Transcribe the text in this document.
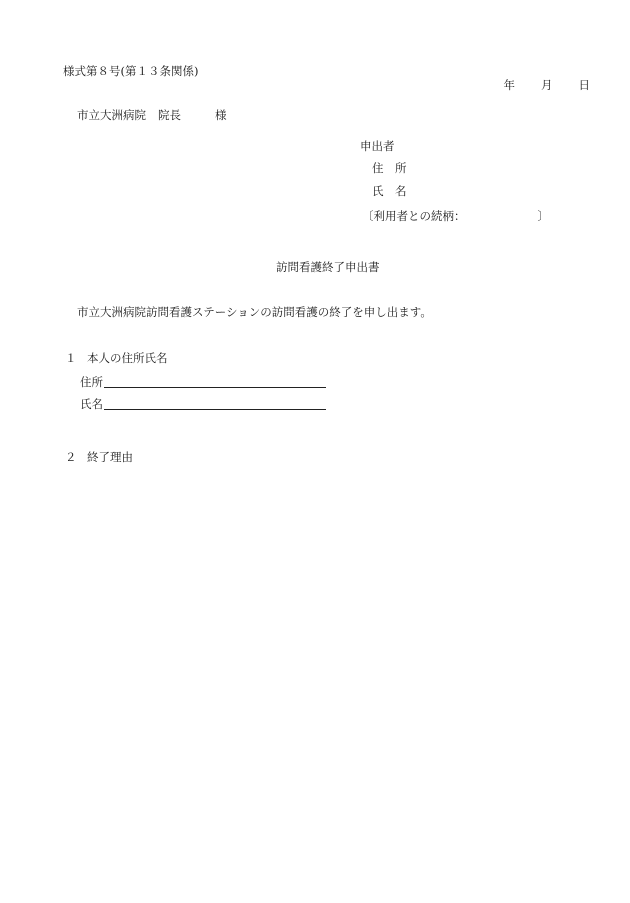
様式第８号(第１３条関係)
年 月 日
市立大洲病院 院長	様
申出者
住　所
氏　名
〔利用者との続柄：	〕
訪問看護終了申出書
市立大洲病院訪問看護ステーションの訪問看護の終了を申し出ます。
１ 本人の住所氏名
住所
氏名
２ 終了理由
